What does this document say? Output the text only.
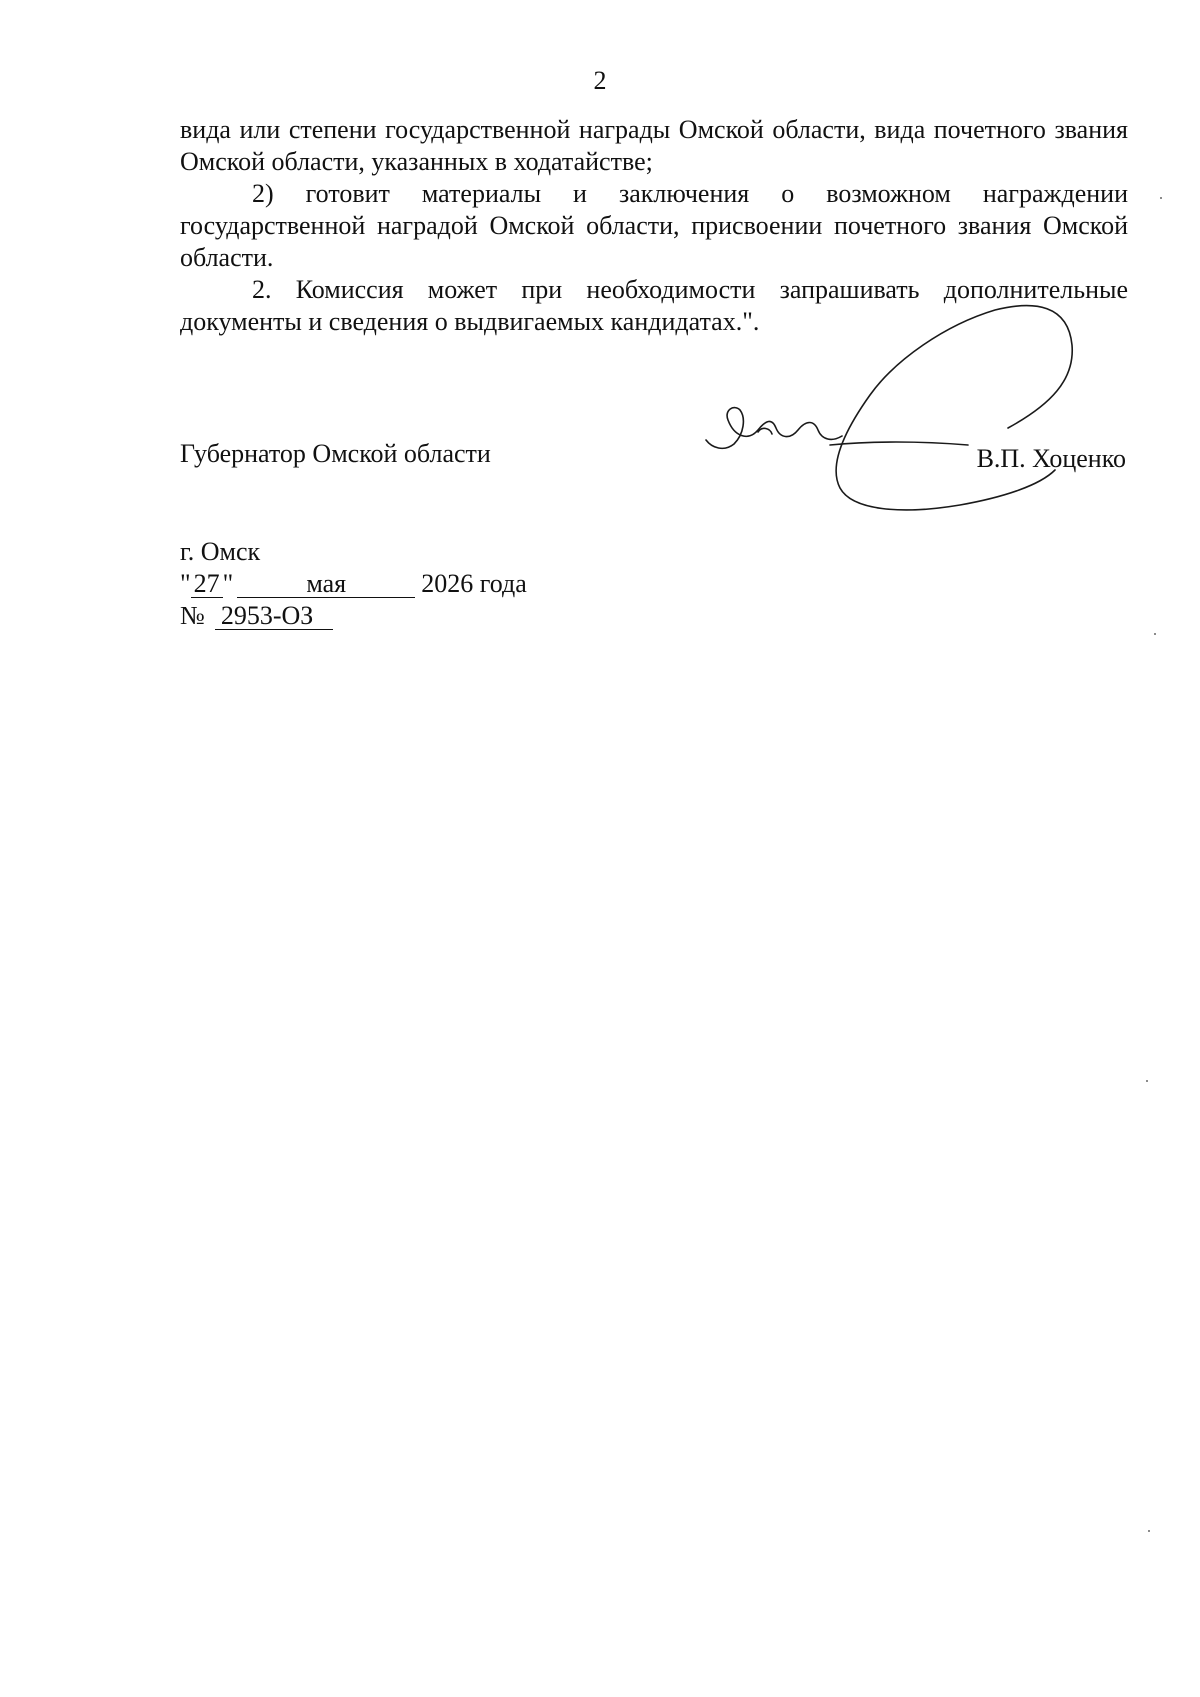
2

вида или степени государственной награды Омской области, вида почетного звания Омской области, указанных в ходатайстве;

2) готовит материалы и заключения о возможном награждении государственной наградой Омской области, присвоении почетного звания Омской области.

2. Комиссия может при необходимости запрашивать дополнительные документы и сведения о выдвигаемых кандидатах.".

Губернатор Омской области	В.П. Хоценко
г. Омск
" 27 "	мая	2026 года
№ 2953-ОЗ
